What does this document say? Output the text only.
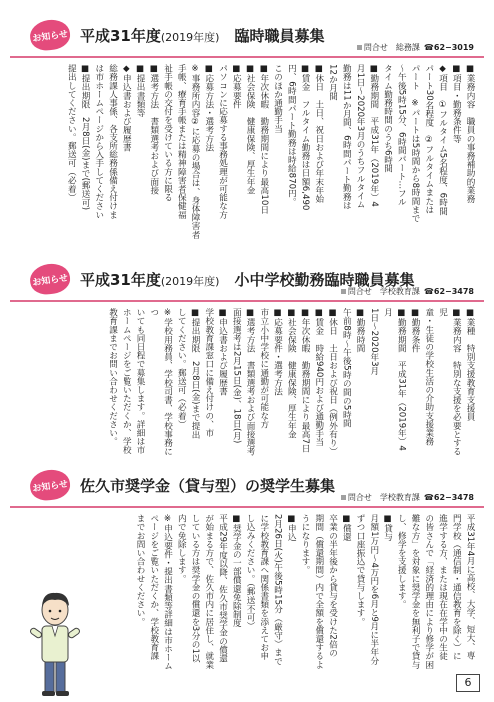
お知らせ 平成31年度(2019年度)　 臨時職員募集
問合せ　 総務課 ☎62−3019

■業務内容　職員の事務補助的業務

■項目・勤務条件等

◆項目　①フルタイム5名程度、6時間

パート30名程度　②フルタイムまたは

パート　※パートは5時間から8時間まで

〜午後5時15分、6時間パート…フル

タイム勤務時間のうち6時間

■勤務期間　平成31年（2019年）4

月1日〜2020年3月のうちフルタイム

勤務は11か月間、6時間パート勤務は

12か月間

■休日　土日、祝日および年末年始

■賃金　フルタイム勤務は日額6,490

円、6時間パート勤務は時給870円。

このほか通勤手当

■年次休暇　勤務期間により最高10日

■社会保険　健康保険、厚生年金

■応募要件

パソコンに応募する事務処理が可能な方

■応募方法・選考方法

※事務所内容②に応募の場合は、身体障害者

手帳、療育手帳または精神障害者保健福

祉手帳の交付を受けている方に限る

■選考方法　書類選考および面接

■提出書類等

◆申込書および履歴書

総務課人事係、各支所総務係備え付けま

は市ホームページから入手してください

■提出期限　2月8日(金)まで(郵送可)

提出してください。郵送可（必着）

お知らせ 平成31年度(2019年度)　 小中学校勤務臨時職員募集
問合せ　 学校教育課 ☎62−3478

■業種　特別支援教育支援員

■業務内容　特別な支援を必要とする児

童・生徒の学校生活の介助支援業務

■勤務条件

■勤務期間　平成31年（2019年）4月

1日〜2020年3月

■勤務時間

午前8時〜午後5時の間の5時間

■休日　土日および祝日（例外有り）

■賃金　時給940円および通勤手当

■年次休暇　勤務期間により最高7日

■社会保険　健康保険、厚生年金

■応募要件・選考方法

市立小中学校に通勤が可能な方

■選考方法　書類選考および面接選考

面接選考は2月15日(金)、18日(月)

■申込書および履歴書

学校教育課窓口に備え付けの、市

■提出期限　2月8日(金)まで提出

してください。郵送可（必着）

※学校用務員、学校司書、学校事務につ

いても同日程で募集します。詳細は市

ホームページをご覧いただくか、学校

教育課までお問い合わせください。

お知らせ 佐久市奨学金（貸与型）の奨学生募集
問合せ　 学校教育課 ☎62−3478

平成31年4月に高校、大学、短大、専

門学校（通信制・通信教育を除く）に

進学する方、または現在在学中の生徒

の皆さんで「経済的理由により修学が困

難な方」を対象に奨学金を無利子で貸与

し、修学を支援します。

■貸与

月額1万円〜4万円を6月と9月に半年分

ずつ口座振込で貸与します。

■償還

卒業の半年後から貸与を受けた2倍の

期間（償還期間）内で全額を償還するよ

うになります。

■申込

2月26日(火)午後5時15分（厳守）まで

に学校教育課へ関係書類を添えてお申

し込みください。（郵送不可）

■奨学金の一部償還免除制度

平成29年度以降、佐久市奨学金の償還

が始まる方で、佐久市内に居住し、就業

している方は奨学金の償還を3分の1以

内で免除します。

※申込要件・提出書類等詳細は市ホーム

ページをご覧いただくか、学校教育課

までお問い合わせください。

6
